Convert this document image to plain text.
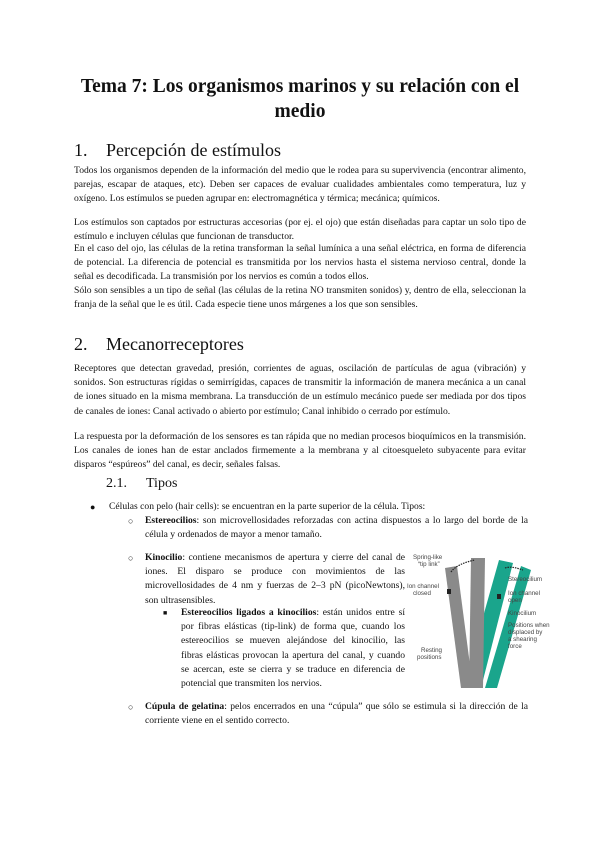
Tema 7: Los organismos marinos y su relación con el medio
1. Percepción de estímulos
Todos los organismos dependen de la información del medio que le rodea para su supervivencia (encontrar alimento, parejas, escapar de ataques, etc). Deben ser capaces de evaluar cualidades ambientales como temperatura, luz y oxígeno. Los estímulos se pueden agrupar en: electromagnética y térmica; mecánica; químicos.
Los estímulos son captados por estructuras accesorias (por ej. el ojo) que están diseñadas para captar un solo tipo de estímulo e incluyen células que funcionan de transductor.
En el caso del ojo, las células de la retina transforman la señal lumínica a una señal eléctrica, en forma de diferencia de potencial. La diferencia de potencial es transmitida por los nervios hasta el sistema nervioso central, donde la señal es decodificada. La transmisión por los nervios es común a todos ellos.
Sólo son sensibles a un tipo de señal (las células de la retina NO transmiten sonidos) y, dentro de ella, seleccionan la franja de la señal que le es útil. Cada especie tiene unos márgenes a los que son sensibles.
2. Mecanorreceptores
Receptores que detectan gravedad, presión, corrientes de aguas, oscilación de partículas de agua (vibración) y sonidos. Son estructuras rígidas o semirrígidas, capaces de transmitir la información de manera mecánica a un canal de iones situado en la misma membrana. La transducción de un estímulo mecánico puede ser mediada por dos tipos de canales de iones: Canal activado o abierto por estímulo; Canal inhibido o cerrado por estímulo.
La respuesta por la deformación de los sensores es tan rápida que no median procesos bioquímicos en la transmisión. Los canales de iones han de estar anclados firmemente a la membrana y al citoesqueleto subyacente para evitar disparos “espúreos” del canal, es decir, señales falsas.
2.1. Tipos
● Células con pelo (hair cells): se encuentran en la parte superior de la célula. Tipos:
○ Estereocilios: son microvellosidades reforzadas con actina dispuestos a lo largo del borde de la célula y ordenados de mayor a menor tamaño.
○ Kinocilio: contiene mecanismos de apertura y cierre del canal de iones. El disparo se produce con movimientos de las microvellosidades de 4 nm y fuerzas de 2–3 pN (picoNewtons), son ultrasensibles.
■ Estereocilios ligados a kinocilios: están unidos entre sí por fibras elásticas (tip-link) de forma que, cuando los estereocilios se mueven alejándose del kinocilio, las fibras elásticas provocan la apertura del canal, y cuando se acercan, este se cierra y se traduce en diferencia de potencial que transmiten los nervios.
○ Cúpula de gelatina: pelos encerrados en una “cúpula” que sólo se estimula si la dirección de la corriente viene en el sentido correcto.
Spring-like
“tip link”
Ion channel
closed
Stereocilium
Ion channel
open
Kinocilium
Positions when
displaced by
a shearing
force
Resting
positions
